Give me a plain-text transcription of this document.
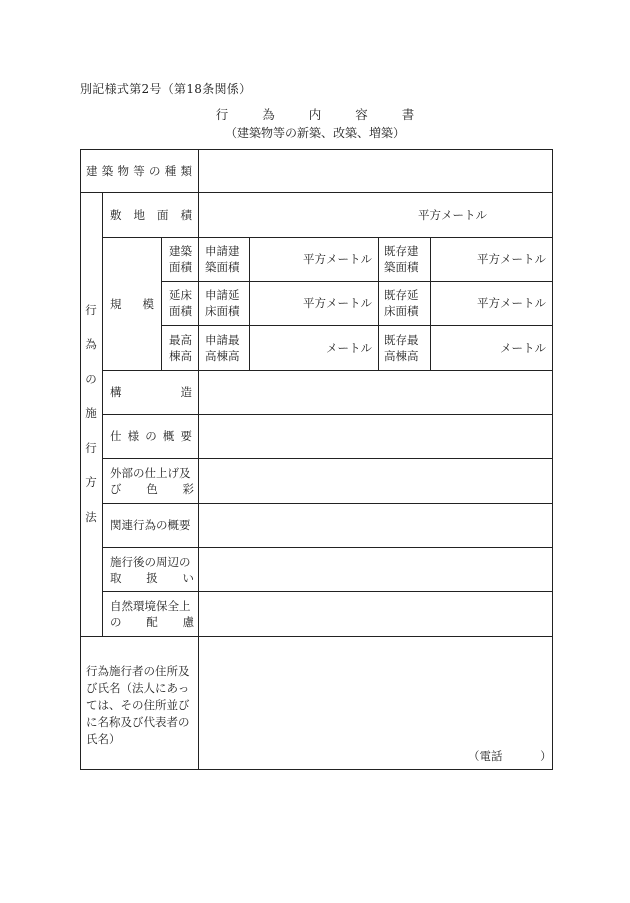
別記様式第2号（第18条関係）
行 為 内 容 書
（建築物等の新築、改築、増築）
建 築 物 等 の 種 類
行
為
の
施
行
方
法
敷 地 面 積	平方メートル
規 模
建築
面積
申請建
築面積
平方メートル
既存建
築面積
平方メートル
延床
面積
申請延
床面積
平方メートル
既存延
床面積
平方メートル
最高
棟高
申請最
高棟高
メートル
既存最
高棟高
メートル
構	造
仕 様 の 概 要
外部の仕上げ及
び 色 彩
関連行為の概要
施行後の周辺の
取 扱 い
自然環境保全上
の 配 慮
行為施行者の住所及
び氏名（法人にあっ
ては、その住所並び
に名称及び代表者の
氏名）
（電話 ）
